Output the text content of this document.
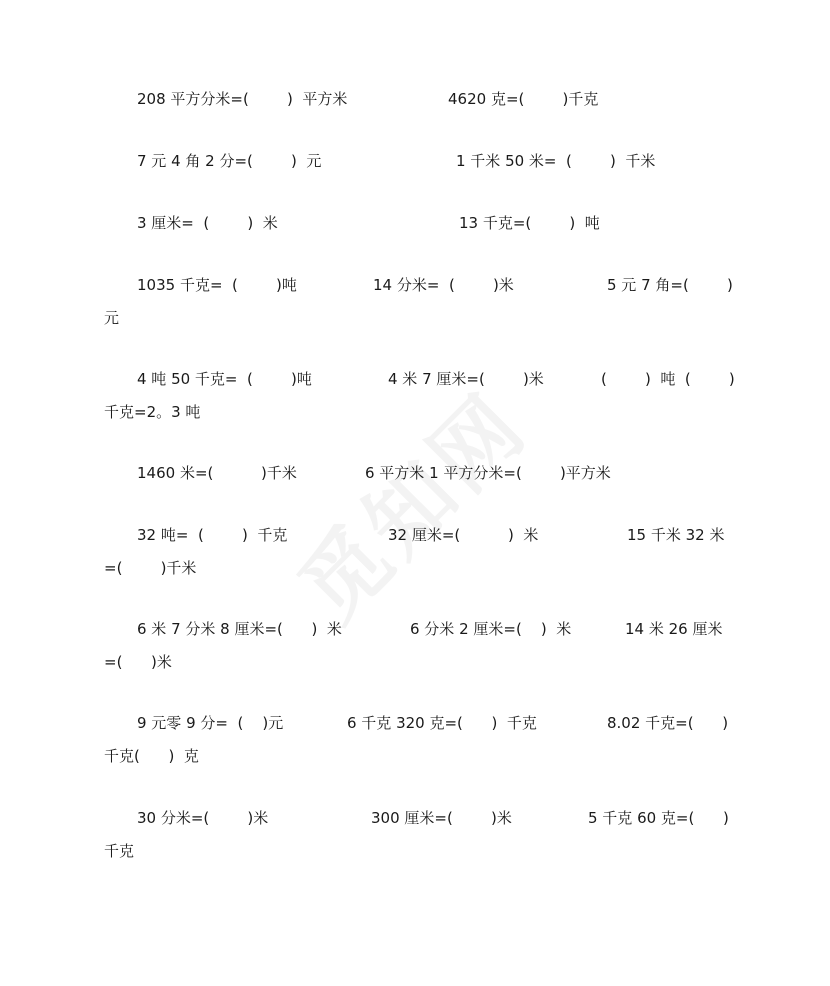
208 平方分米=(        )  平方米	4620 克=(        )千克
7 元 4 角 2 分=(        )  元	1 千米 50 米=  (        )  千米
3 厘米=  (        )  米	13 千克=(        )  吨
1035 千克=  (        )吨	14 分米=  (        )米	5 元 7 角=(        )
元
4 吨 50 千克=  (        )吨	4 米 7 厘米=(        )米	(        )  吨  (        )
千克=2。3 吨
1460 米=(          )千米	6 平方米 1 平方分米=(        )平方米
32 吨=  (        )  千克	32 厘米=(          )  米	15 千米 32 米
=(        )千米
6 米 7 分米 8 厘米=(      )  米	6 分米 2 厘米=(    )  米	14 米 26 厘米
=(      )米
9 元零 9 分=  (    )元	6 千克 320 克=(      )  千克	8.02 千克=(      )
千克(      )  克
30 分米=(        )米	300 厘米=(        )米	5 千克 60 克=(      )
千克
